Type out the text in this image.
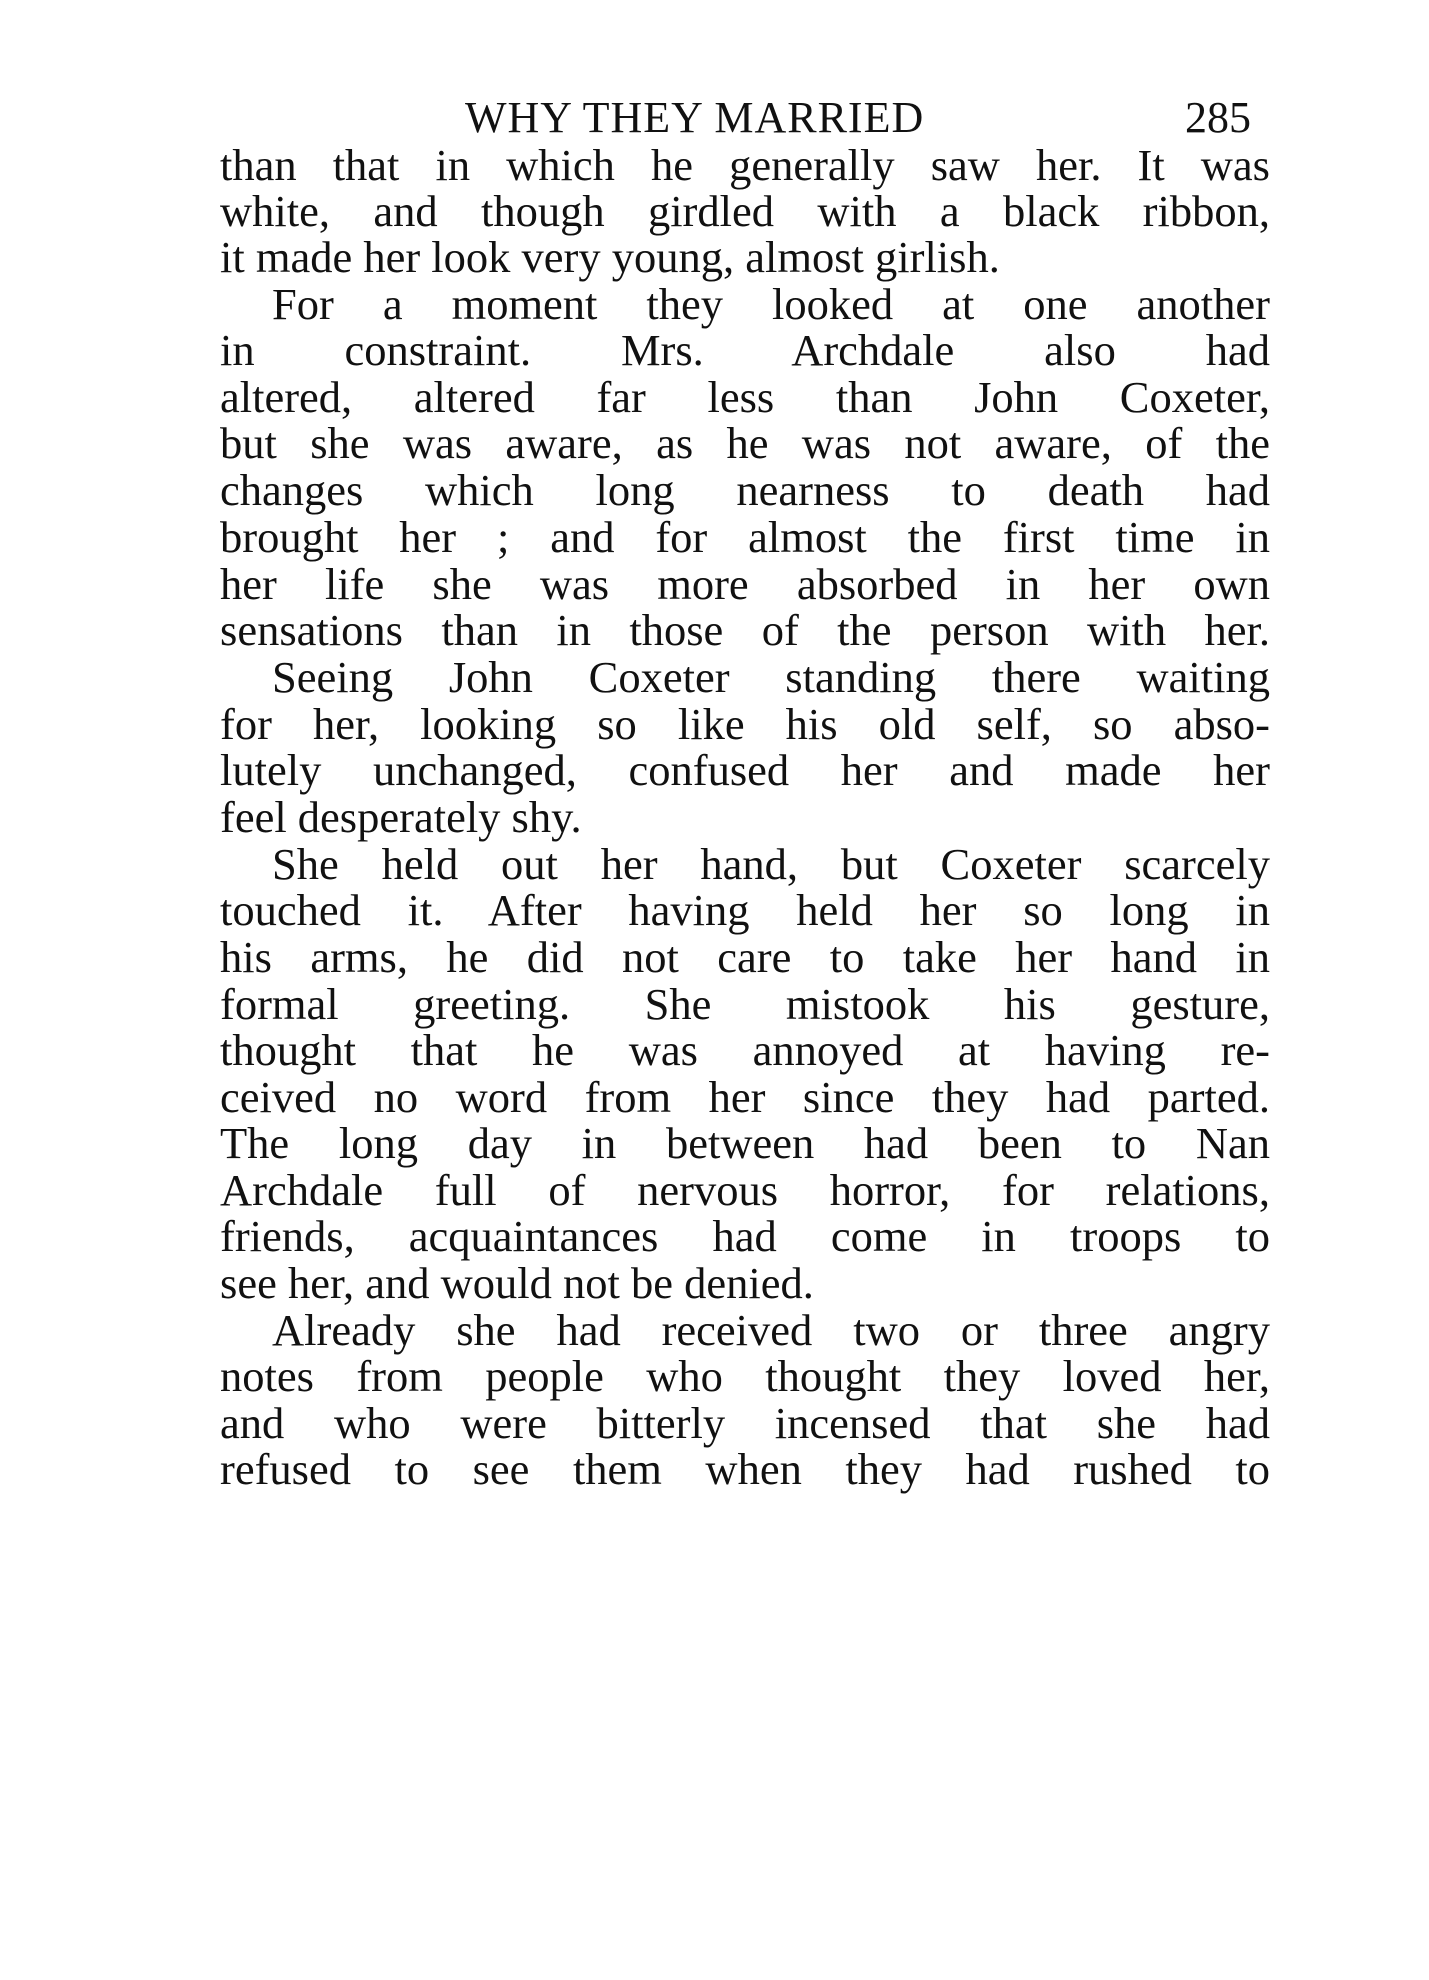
WHY THEY MARRIED	285
than that in which he generally saw her. It was
white, and though girdled with a black ribbon,
it made her look very young, almost girlish.
For a moment they looked at one another
in constraint. Mrs. Archdale also had
altered, altered far less than John Coxeter,
but she was aware, as he was not aware, of the
changes which long nearness to death had
brought her ; and for almost the first time in
her life she was more absorbed in her own
sensations than in those of the person with her.
Seeing John Coxeter standing there waiting
for her, looking so like his old self, so abso-
lutely unchanged, confused her and made her
feel desperately shy.
She held out her hand, but Coxeter scarcely
touched it. After having held her so long in
his arms, he did not care to take her hand in
formal greeting. She mistook his gesture,
thought that he was annoyed at having re-
ceived no word from her since they had parted.
The long day in between had been to Nan
Archdale full of nervous horror, for relations,
friends, acquaintances had come in troops to
see her, and would not be denied.
Already she had received two or three angry
notes from people who thought they loved her,
and who were bitterly incensed that she had
refused to see them when they had rushed to
